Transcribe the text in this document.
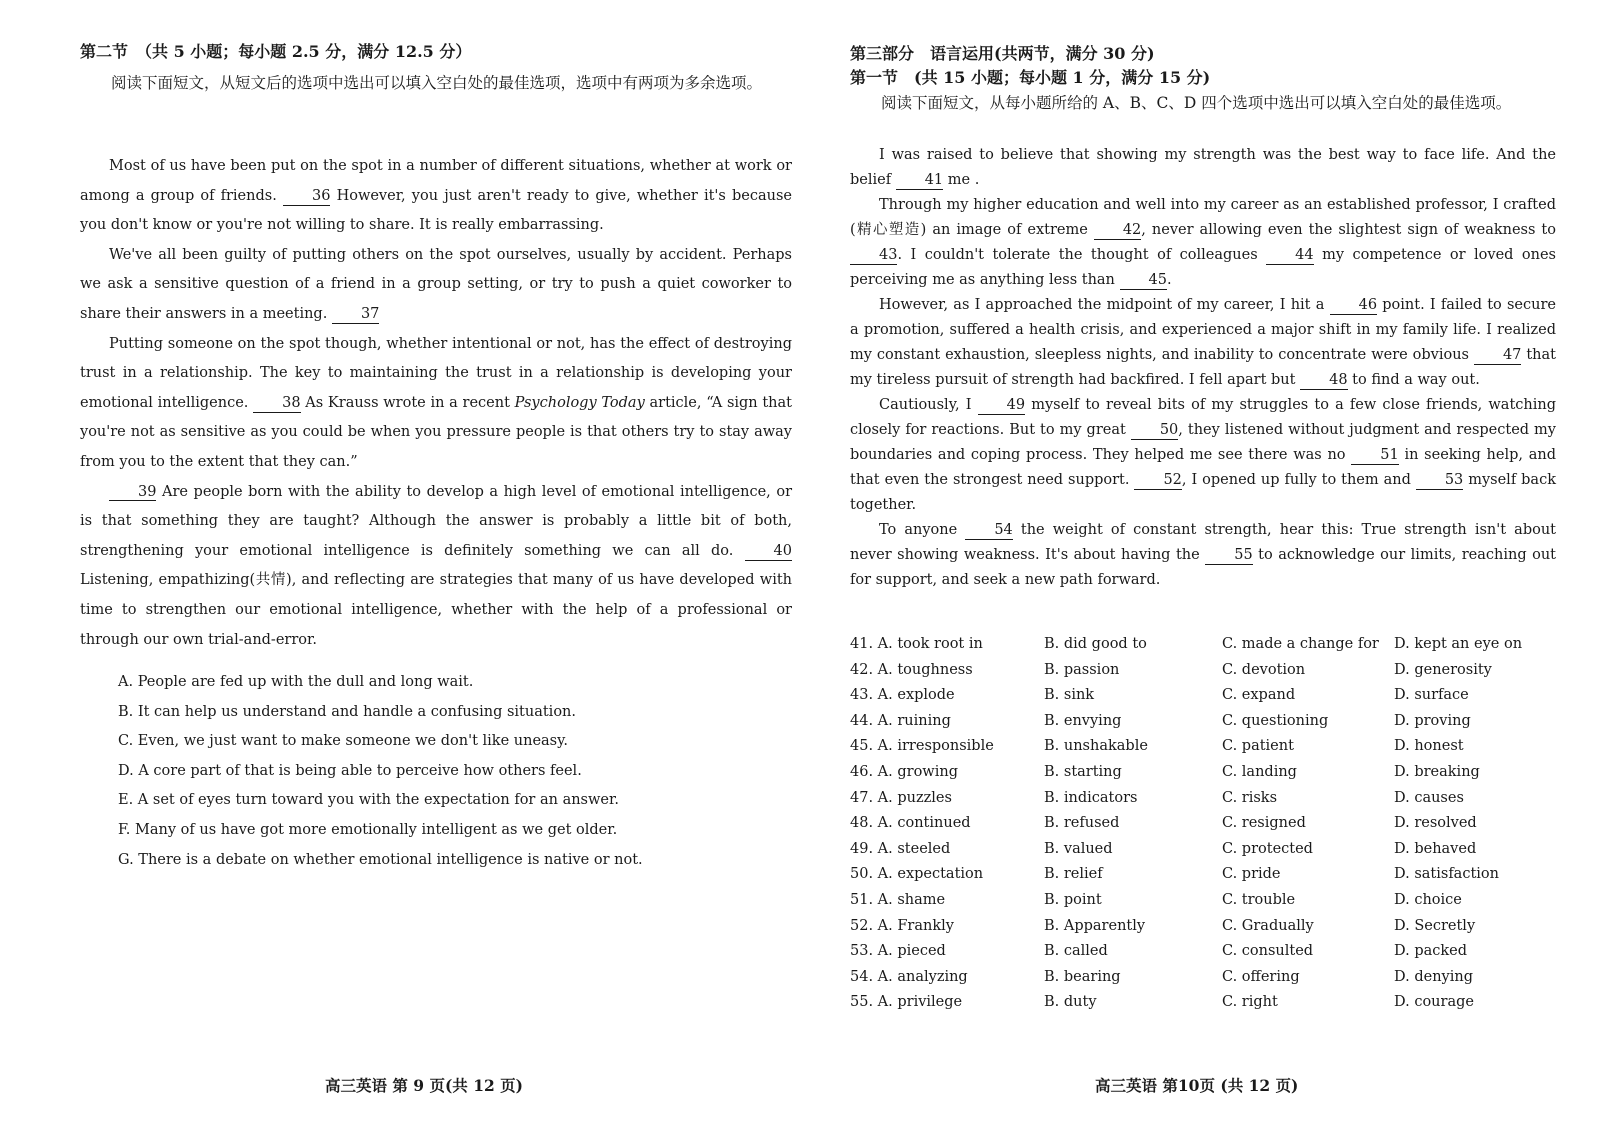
第二节　（共 5 小题；每小题 2.5 分，满分 12.5 分）

阅读下面短文，从短文后的选项中选出可以填入空白处的最佳选项，选项中有两项为多余选项。

Most of us have been put on the spot in a number of different situations, whether at work or among a group of friends. 36 However, you just aren't ready to give, whether it's because you don't know or you're not willing to share. It is really embarrassing.

We've all been guilty of putting others on the spot ourselves, usually by accident. Perhaps we ask a sensitive question of a friend in a group setting, or try to push a quiet coworker to share their answers in a meeting. 37

Putting someone on the spot though, whether intentional or not, has the effect of destroying trust in a relationship. The key to maintaining the trust in a relationship is developing your emotional intelligence. 38 As Krauss wrote in a recent Psychology Today article, “A sign that you're not as sensitive as you could be when you pressure people is that others try to stay away from you to the extent that they can.”

39 Are people born with the ability to develop a high level of emotional intelligence, or is that something they are taught? Although the answer is probably a little bit of both, strengthening your emotional intelligence is definitely something we can all do. 40 Listening, empathizing(共情), and reflecting are strategies that many of us have developed with time to strengthen our emotional intelligence, whether with the help of a professional or through our own trial-and-error.

A. People are fed up with the dull and long wait.
B. It can help us understand and handle a confusing situation.
C. Even, we just want to make someone we don't like uneasy.
D. A core part of that is being able to perceive how others feel.
E. A set of eyes turn toward you with the expectation for an answer.
F. Many of us have got more emotionally intelligent as we get older.
G. There is a debate on whether emotional intelligence is native or not.
高三英语 第 9 页(共 12 页)

第三部分　语言运用(共两节，满分 30 分)

第一节　(共 15 小题；每小题 1 分，满分 15 分)

阅读下面短文，从每小题所给的 A、B、C、D 四个选项中选出可以填入空白处的最佳选项。

I was raised to believe that showing my strength was the best way to face life. And the belief 41 me .

Through my higher education and well into my career as an established professor, I crafted (精心塑造) an image of extreme 42, never allowing even the slightest sign of weakness to 43. I couldn't tolerate the thought of colleagues 44 my competence or loved ones perceiving me as anything less than 45.

However, as I approached the midpoint of my career, I hit a 46 point. I failed to secure a promotion, suffered a health crisis, and experienced a major shift in my family life. I realized my constant exhaustion, sleepless nights, and inability to concentrate were obvious 47 that my tireless pursuit of strength had backfired. I fell apart but 48 to find a way out.

Cautiously, I 49 myself to reveal bits of my struggles to a few close friends, watching closely for reactions. But to my great 50, they listened without judgment and respected my boundaries and coping process. They helped me see there was no 51 in seeking help, and that even the strongest need support. 52, I opened up fully to them and 53 myself back together.

To anyone 54 the weight of constant strength, hear this: True strength isn't about never showing weakness. It's about having the 55 to acknowledge our limits, reaching out for support, and seek a new path forward.

41. A. took root in	B. did good to	C. made a change for	D. kept an eye on
42. A. toughness	B. passion	C. devotion	D. generosity
43. A. explode	B. sink	C. expand	D. surface
44. A. ruining	B. envying	C. questioning	D. proving
45. A. irresponsible	B. unshakable	C. patient	D. honest
46. A. growing	B. starting	C. landing	D. breaking
47. A. puzzles	B. indicators	C. risks	D. causes
48. A. continued	B. refused	C. resigned	D. resolved
49. A. steeled	B. valued	C. protected	D. behaved
50. A. expectation	B. relief	C. pride	D. satisfaction
51. A. shame	B. point	C. trouble	D. choice
52. A. Frankly	B. Apparently	C. Gradually	D. Secretly
53. A. pieced	B. called	C. consulted	D. packed
54. A. analyzing	B. bearing	C. offering	D. denying
55. A. privilege	B. duty	C. right	D. courage
高三英语 第10页 (共 12 页)
